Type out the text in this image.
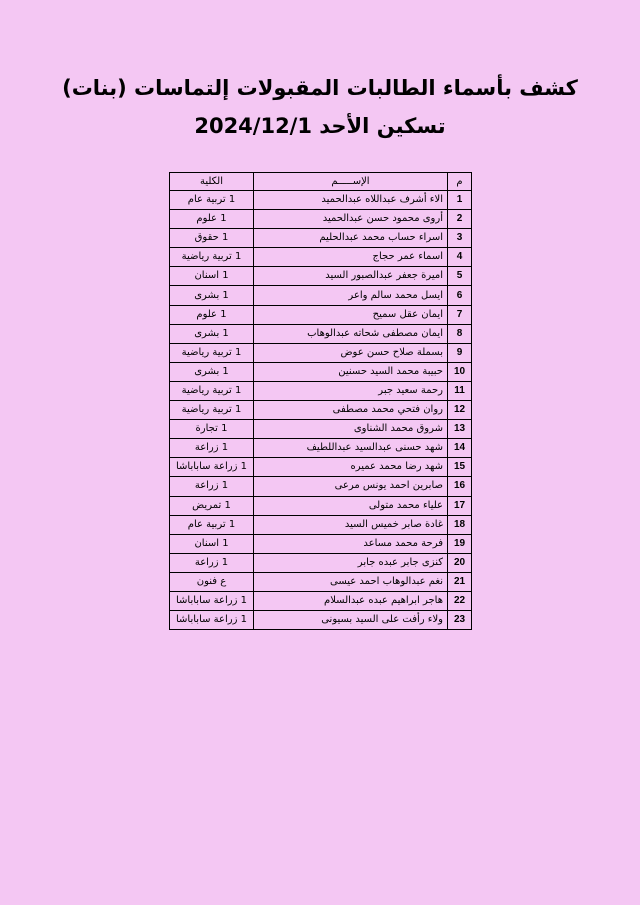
كشف بأسماء الطالبات المقبولات إلتماسات (بنات)
تسكين الأحد 2024/12/1
م	الإســـــم	الكلية
1	الاء أشرف عبداللاه عبدالحميد	1 تربية عام
2	أروى محمود حسن عبدالحميد	1 علوم
3	اسراء حساب محمد عبدالحليم	1 حقوق
4	اسماء عمر حجاج	1 تربية رياضية
5	اميرة جعفر عبدالصبور السيد	1 اسنان
6	ايسل محمد سالم واعر	1 بشرى
7	ايمان عقل سميح	1 علوم
8	ايمان مصطفى شحاته عبدالوهاب	1 بشرى
9	بسملة صلاح حسن عوض	1 تربية رياضية
10	حبيبة محمد السيد حسنين	1 بشرى
11	رحمة سعيد جبر	1 تربية رياضية
12	روان فتحي محمد مصطفى	1 تربية رياضية
13	شروق محمد الشناوى	1 تجارة
14	شهد حسنى عبدالسيد عبداللطيف	1 زراعة
15	شهد رضا محمد عميره	1 زراعة ساباباشا
16	صابرين احمد يونس مرعى	1 زراعة
17	علياء محمد متولى	1 تمريض
18	غادة صابر خميس السيد	1 تربية عام
19	فرحة محمد مساعد	1 اسنان
20	كنزى جابر عبده جابر	1 زراعة
21	نغم عبدالوهاب احمد عيسى	ع فنون
22	هاجر ابراهيم عبده عبدالسلام	1 زراعة ساباباشا
23	ولاء رأفت على السيد بسيونى	1 زراعة ساباباشا
